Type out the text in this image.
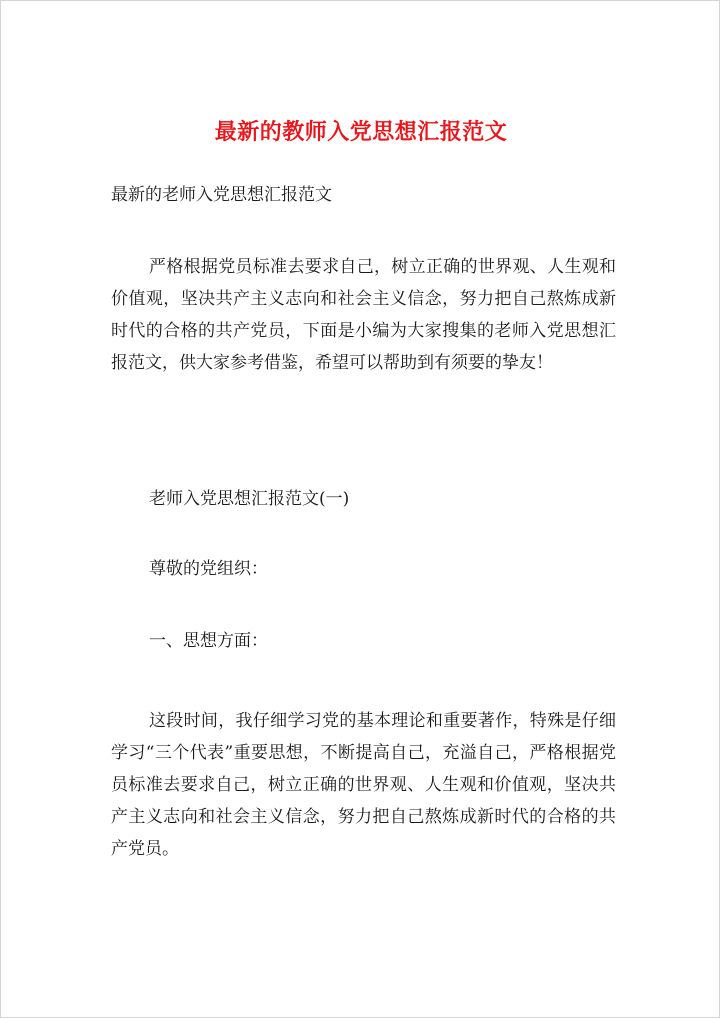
最新的教师入党思想汇报范文
最新的老师入党思想汇报范文

严格根据党员标准去要求自己，树立正确的世界观、人生观和价值观，坚决共产主义志向和社会主义信念，努力把自己熬炼成新时代的合格的共产党员，下面是小编为大家搜集的老师入党思想汇报范文，供大家参考借鉴，希望可以帮助到有须要的挚友！

老师入党思想汇报范文(一)
尊敬的党组织：
一、思想方面：

这段时间，我仔细学习党的基本理论和重要著作，特殊是仔细学习“三个代表”重要思想，不断提高自己，充溢自己，严格根据党员标准去要求自己，树立正确的世界观、人生观和价值观，坚决共产主义志向和社会主义信念，努力把自己熬炼成新时代的合格的共产党员。
